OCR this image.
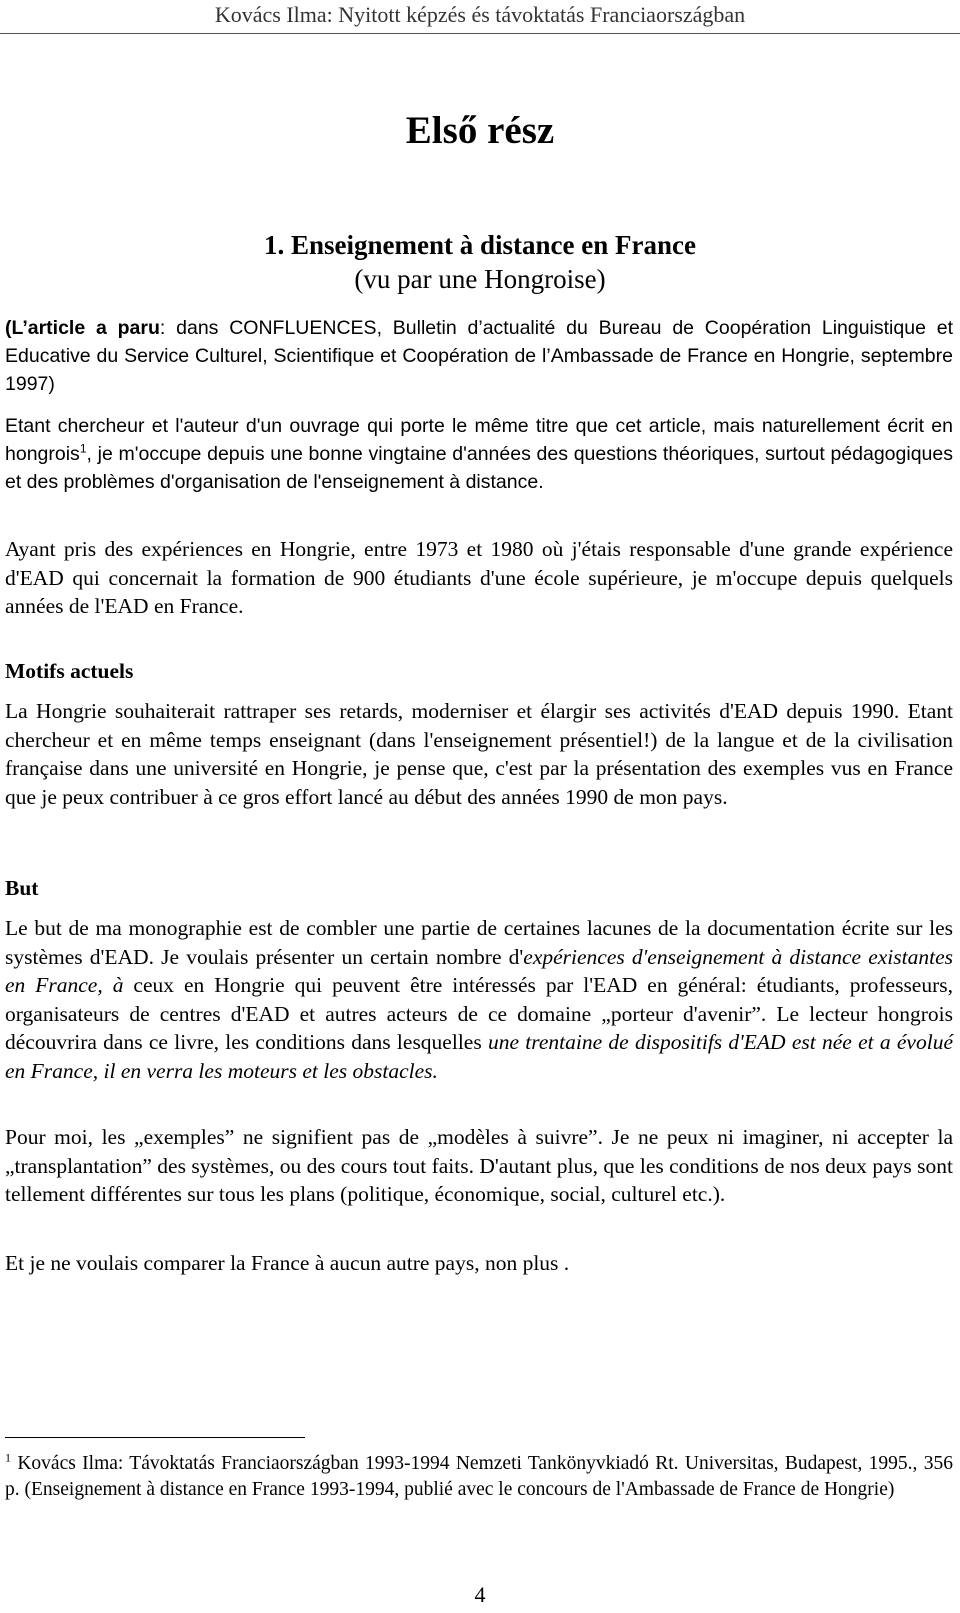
Kovács Ilma: Nyitott képzés és távoktatás Franciaországban
Első rész
1. Enseignement à distance en France
(vu par une Hongroise)

(L’article a paru: dans CONFLUENCES, Bulletin d’actualité du Bureau de Coopération Linguistique et Educative du Service Culturel, Scientifique et Coopération de l’Ambassade de France en Hongrie, septembre 1997)

Etant chercheur et l'auteur d'un ouvrage qui porte le même titre que cet article, mais naturellement écrit en hongrois$^1$, je m'occupe depuis une bonne vingtaine d'années des questions théoriques, surtout pédagogiques et des problèmes d'organisation de l'enseignement à distance.

Ayant pris des expériences en Hongrie, entre 1973 et 1980 où j'étais responsable d'une grande expérience d'EAD qui concernait la formation de 900 étudiants d'une école supérieure, je m'occupe depuis quelquels années de l'EAD en France.

Motifs actuels

La Hongrie souhaiterait rattraper ses retards, moderniser et élargir ses activités d'EAD depuis 1990. Etant chercheur et en même temps enseignant (dans l'enseignement présentiel!) de la langue et de la civilisation française dans une université en Hongrie, je pense que, c'est par la présentation des exemples vus en France que je peux contribuer à ce gros effort lancé au début des années 1990 de mon pays.

But

Le but de ma monographie est de combler une partie de certaines lacunes de la documentation écrite sur les systèmes d'EAD. Je voulais présenter un certain nombre d'expériences d'enseignement à distance existantes en France, à ceux en Hongrie qui peuvent être intéressés par l'EAD en général: étudiants, professeurs, organisateurs de centres d'EAD et autres acteurs de ce domaine „porteur d'avenir”. Le lecteur hongrois découvrira dans ce livre, les conditions dans lesquelles une trentaine de dispositifs d'EAD est née et a évolué en France, il en verra les moteurs et les obstacles.

Pour moi, les „exemples” ne signifient pas de „modèles à suivre”. Je ne peux ni imaginer, ni accepter la „transplantation” des systèmes, ou des cours tout faits. D'autant plus, que les conditions de nos deux pays sont tellement différentes sur tous les plans (politique, économique, social, culturel etc.).

Et je ne voulais comparer la France à aucun autre pays, non plus .

$^1$ Kovács Ilma: Távoktatás Franciaországban 1993-1994 Nemzeti Tankönyvkiadó Rt. Universitas, Budapest, 1995., 356 p. (Enseignement à distance en France 1993-1994, publié avec le concours de l'Ambassade de France de Hongrie)
4
